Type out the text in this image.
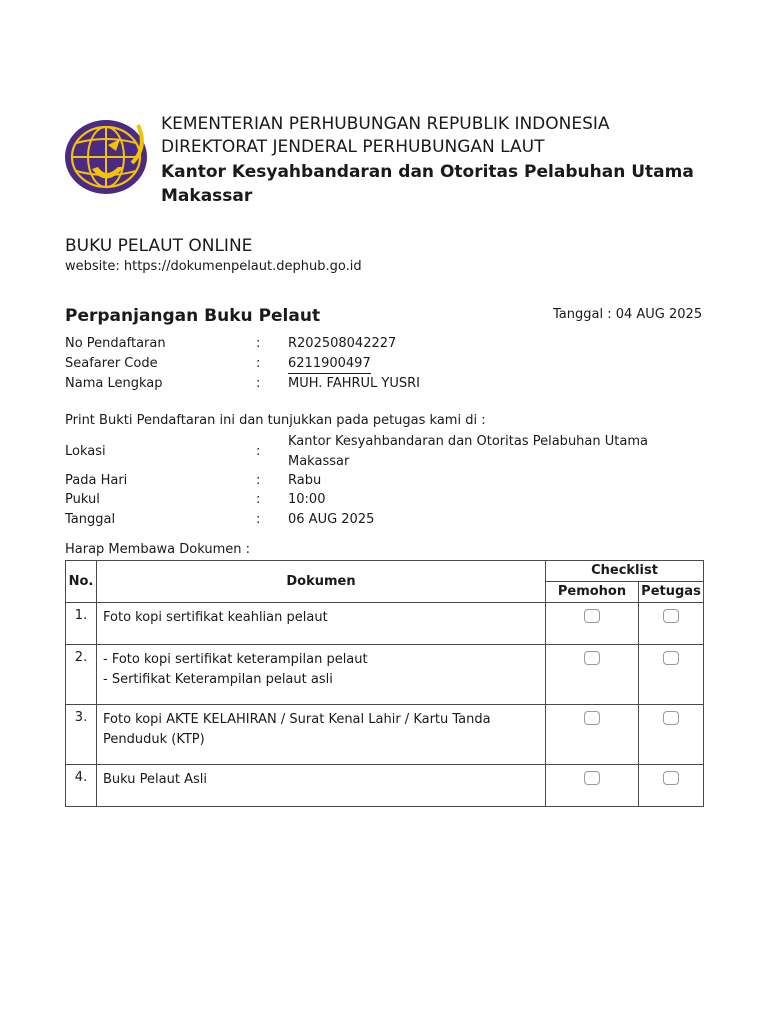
KEMENTERIAN PERHUBUNGAN REPUBLIK INDONESIA
DIREKTORAT JENDERAL PERHUBUNGAN LAUT
Kantor Kesyahbandaran dan Otoritas Pelabuhan Utama Makassar
BUKU PELAUT ONLINE
website: https://dokumenpelaut.dephub.go.id
Perpanjangan Buku Pelaut	Tanggal : 04 AUG 2025
No Pendaftaran	: R202508042227
Seafarer Code	: 6211900497
Nama Lengkap	: MUH. FAHRUL YUSRI
Print Bukti Pendaftaran ini dan tunjukkan pada petugas kami di :
Lokasi	:
Kantor Kesyahbandaran dan Otoritas Pelabuhan Utama Makassar
Pada Hari	: Rabu
Pukul	: 10:00
Tanggal	: 06 AUG 2025
Harap Membawa Dokumen :
No.	Dokumen	Checklist	
		Pemohon	Petugas
1.	Foto kopi sertifikat keahlian pelaut		

2.	- Foto kopi sertifikat keterampilan pelaut
- Sertifikat Keterampilan pelaut asli		

3.	Foto kopi AKTE KELAHIRAN / Surat Kenal Lahir / Kartu Tanda
Penduduk (KTP)		

4.	Buku Pelaut Asli		
